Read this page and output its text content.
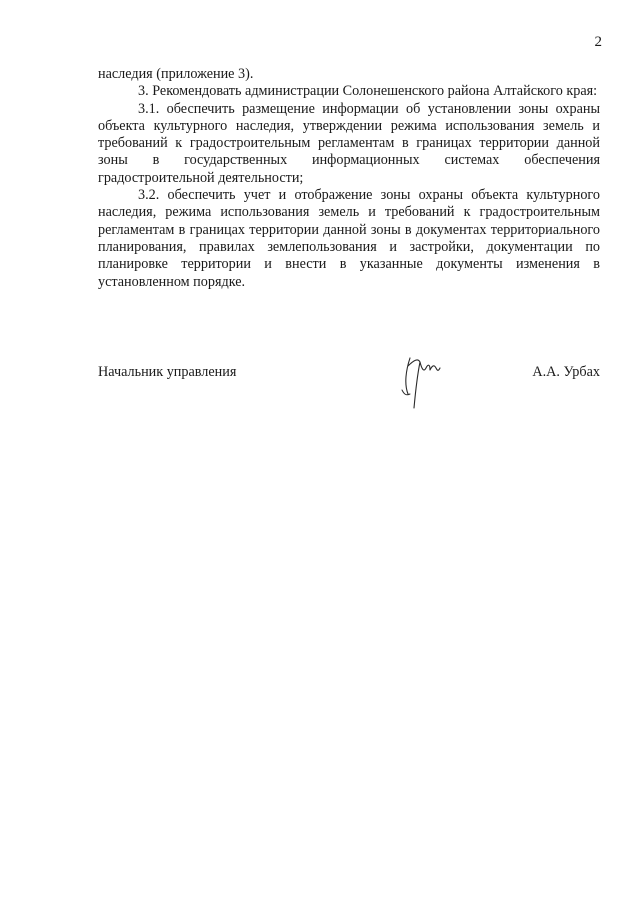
2

наследия (приложение 3).

3. Рекомендовать администрации Солонешенского района Алтайского края:

3.1. обеспечить размещение информации об установлении зоны охраны объекта культурного наследия, утверждении режима использования земель и требований к градостроительным регламентам в границах территории данной зоны в государственных информационных системах обеспечения градостроительной деятельности;

3.2. обеспечить учет и отображение зоны охраны объекта культурного наследия, режима использования земель и требований к градостроительным регламентам в границах территории данной зоны в документах территориального планирования, правилах землепользования и застройки, документации по планировке территории и внести в указанные документы изменения в установленном порядке.

Начальник управления	А.А. Урбах
